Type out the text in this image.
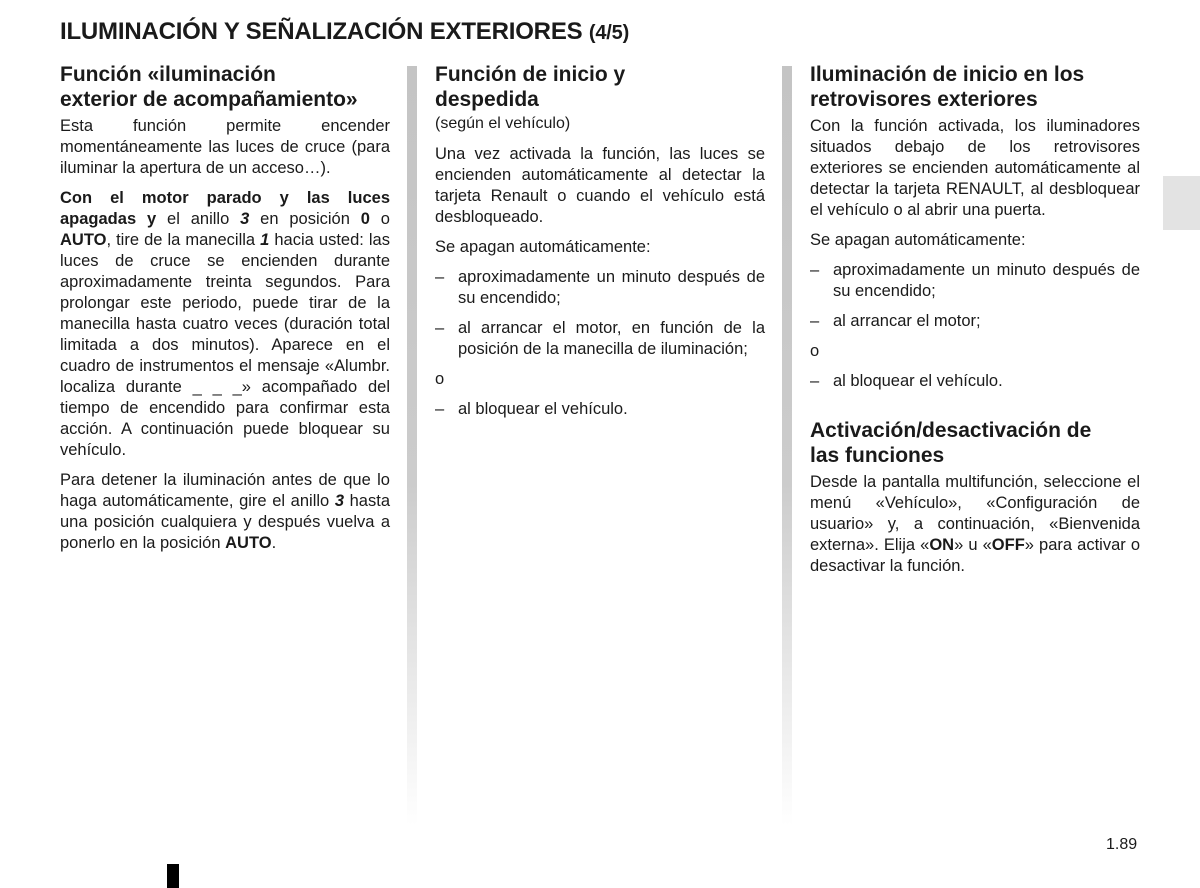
ILUMINACIÓN Y SEÑALIZACIÓN EXTERIORES (4/5)
Función «iluminación
exterior de acompañamiento»

Esta función permite encender momentáneamente las luces de cruce (para iluminar la apertura de un acceso…).

Con el motor parado y las luces apagadas y el anillo 3 en posición 0 o AUTO, tire de la manecilla 1 hacia usted: las luces de cruce se encienden durante aproximadamente treinta segundos. Para prolongar este periodo, puede tirar de la manecilla hasta cuatro veces (duración total limitada a dos minutos). Aparece en el cuadro de instrumentos el mensaje «Alumbr. localiza durante _ _ _» acompañado del tiempo de encendido para confirmar esta acción. A continuación puede bloquear su vehículo.

Para detener la iluminación antes de que lo haga automáticamente, gire el anillo 3 hasta una posición cualquiera y después vuelva a ponerlo en la posición AUTO.

Función de inicio y
despedida
(según el vehículo)

Una vez activada la función, las luces se encienden automáticamente al detectar la tarjeta Renault o cuando el vehículo está desbloqueado.

Se apagan automáticamente:

– aproximadamente un minuto después de su encendido;
– al arrancar el motor, en función de la posición de la manecilla de iluminación;

o

– al bloquear el vehículo.
Iluminación de inicio en los
retrovisores exteriores

Con la función activada, los iluminadores situados debajo de los retrovisores exteriores se encienden automáticamente al detectar la tarjeta RENAULT, al desbloquear el vehículo o al abrir una puerta.

Se apagan automáticamente:

– aproximadamente un minuto después de su encendido;
– al arrancar el motor;

o

– al bloquear el vehículo.
Activación/desactivación de
las funciones

Desde la pantalla multifunción, seleccione el menú «Vehículo», «Configuración de usuario» y, a continuación, «Bienvenida externa». Elija «ON» u «OFF» para activar o desactivar la función.

1.89
